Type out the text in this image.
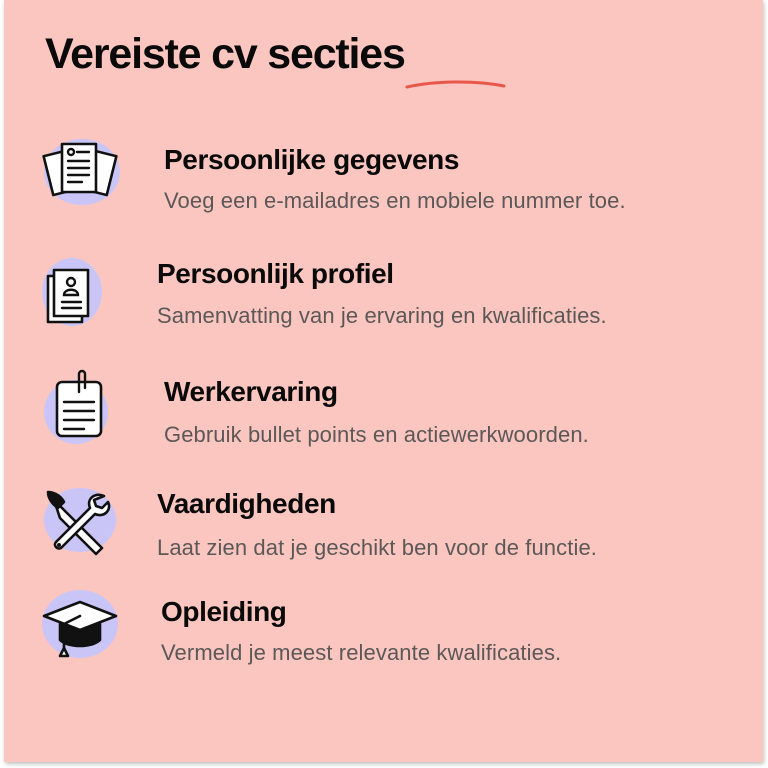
Vereiste cv secties
Persoonlijke gegevens

Voeg een e-mailadres en mobiele nummer toe.

Persoonlijk profiel

Samenvatting van je ervaring en kwalificaties.

Werkervaring

Gebruik bullet points en actiewerkwoorden.

Vaardigheden

Laat zien dat je geschikt ben voor de functie.

Opleiding

Vermeld je meest relevante kwalificaties.
